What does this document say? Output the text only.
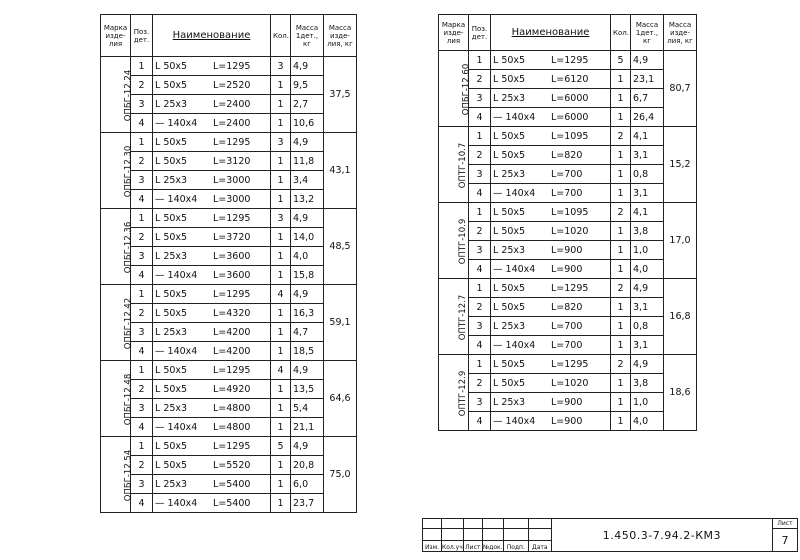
Марка изде-лия	Поз. дет.	Наименование	Кол.	Масса 1дет., кг	Масса изде-лия, кг
ОПБГ-12.24	1	L 50x5 L=1295	3	4,9	37,5
	2	L 50x5 L=2520	1	9,5	
	3	L 25x3 L=2400	1	2,7	
	4	— 140x4 L=2400	1	10,6	
ОПБГ-12.30	1	L 50x5 L=1295	3	4,9	43,1
	2	L 50x5 L=3120	1	11,8	
	3	L 25x3 L=3000	1	3,4	
	4	— 140x4 L=3000	1	13,2	
ОПБГ-12.36	1	L 50x5 L=1295	3	4,9	48,5
	2	L 50x5 L=3720	1	14,0	
	3	L 25x3 L=3600	1	4,0	
	4	— 140x4 L=3600	1	15,8	
ОПБГ-12.42	1	L 50x5 L=1295	4	4,9	59,1
	2	L 50x5 L=4320	1	16,3	
	3	L 25x3 L=4200	1	4,7	
	4	— 140x4 L=4200	1	18,5	
ОПБГ-12.48	1	L 50x5 L=1295	4	4,9	64,6
	2	L 50x5 L=4920	1	13,5	
	3	L 25x3 L=4800	1	5,4	
	4	— 140x4 L=4800	1	21,1	
ОПБГ-12.54	1	L 50x5 L=1295	5	4,9	75,0
	2	L 50x5 L=5520	1	20,8	
	3	L 25x3 L=5400	1	6,0	
	4	— 140x4 L=5400	1	23,7	
Марка изде-лия	Поз. дет.	Наименование	Кол.	Масса 1дет., кг	Масса изде-лия, кг
ОПБГ-12.60	1	L 50x5 L=1295	5	4,9	80,7
	2	L 50x5 L=6120	1	23,1	
	3	L 25x3 L=6000	1	6,7	
	4	— 140x4 L=6000	1	26,4	
ОПТГ-10.7	1	L 50x5 L=1095	2	4,1	15,2
	2	L 50x5 L=820	1	3,1	
	3	L 25x3 L=700	1	0,8	
	4	— 140x4 L=700	1	3,1	
ОПТГ-10.9	1	L 50x5 L=1095	2	4,1	17,0
	2	L 50x5 L=1020	1	3,8	
	3	L 25x3 L=900	1	1,0	
	4	— 140x4 L=900	1	4,0	
ОПТГ-12.7	1	L 50x5 L=1295	2	4,9	16,8
	2	L 50x5 L=820	1	3,1	
	3	L 25x3 L=700	1	0,8	
	4	— 140x4 L=700	1	3,1	
ОПТГ-12.9	1	L 50x5 L=1295	2	4,9	18,6
	2	L 50x5 L=1020	1	3,8	
	3	L 25x3 L=900	1	1,0	
	4	— 140x4 L=900	1	4,0	
						1.450.3-7.94.2-КМ3	Лист
							7
Изм.	Кол.уч	Лист	№док.	Подп.	Дата		
